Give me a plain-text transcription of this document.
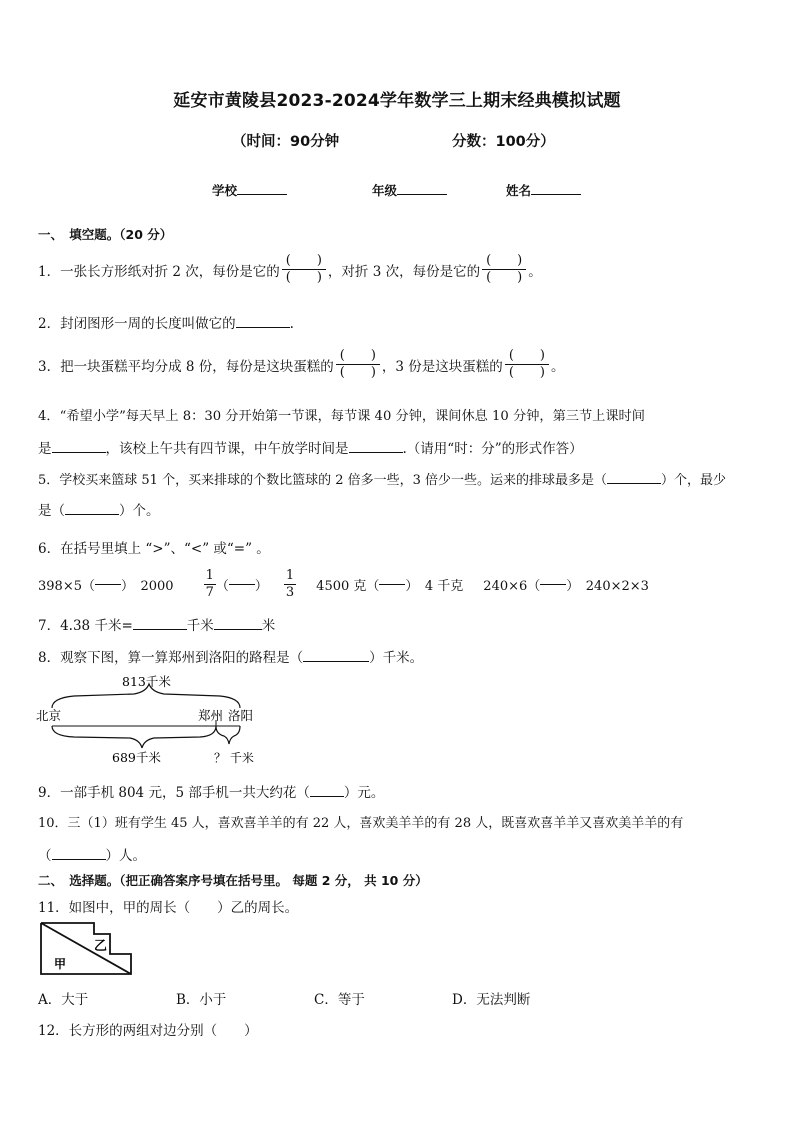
延安市黄陵县2023-2024学年数学三上期末经典模拟试题
（时间：90分钟	分数：100分）
学校	年级	姓名
一、　填空题。（20 分）
1．一张长方形纸对折 2 次，每份是它的 $\frac{( )}{( )}$ ，对折 3 次，每份是它的 $\frac{( )}{( )}$ 。
2．封闭图形一周的长度叫做它的	.
3．把一块蛋糕平均分成 8 份，每份是这块蛋糕的 $\frac{( )}{( )}$ ，3 份是这块蛋糕的 $\frac{( )}{( )}$ 。
4．“希望小学”每天早上 8：30 分开始第一节课，每节课 40 分钟，课间休息 10 分钟，第三节上课时间
是	，该校上午共有四节课，中午放学时间是	.（请用“时：分”的形式作答）
5．学校买来篮球 51 个，买来排球的个数比篮球的 2 倍多一些，3 倍少一些。运来的排球最多是（	）个，最少
是（	）个。
6．在括号里填上 “>”、“<” 或“=” 。
398×5（ ）　$2000 \frac{1}{7}$ （ ） $\frac{1}{3} 4500$ 克（ ）　4 千克 240×6（ ）　240×2×3
7．4.38 千米=	千米	米
8．观察下图，算一算郑州到洛阳的路程是（	）千米。
813千米
北京	郑州 洛阳
689千米	？ 千米
9．一部手机 804 元，5 部手机一共大约花（	）元。
10．三（1）班有学生 45 人，喜欢喜羊羊的有 22 人，喜欢美羊羊的有 28 人，既喜欢喜羊羊又喜欢美羊羊的有
（	）人。
二、　选择题。（把正确答案序号填在括号里。 每题 2 分， 共 10 分）
11．如图中，甲的周长（　　）乙的周长。
乙
甲
A．大于	B．小于	C．等于	D．无法判断
12．长方形的两组对边分别（　　）
